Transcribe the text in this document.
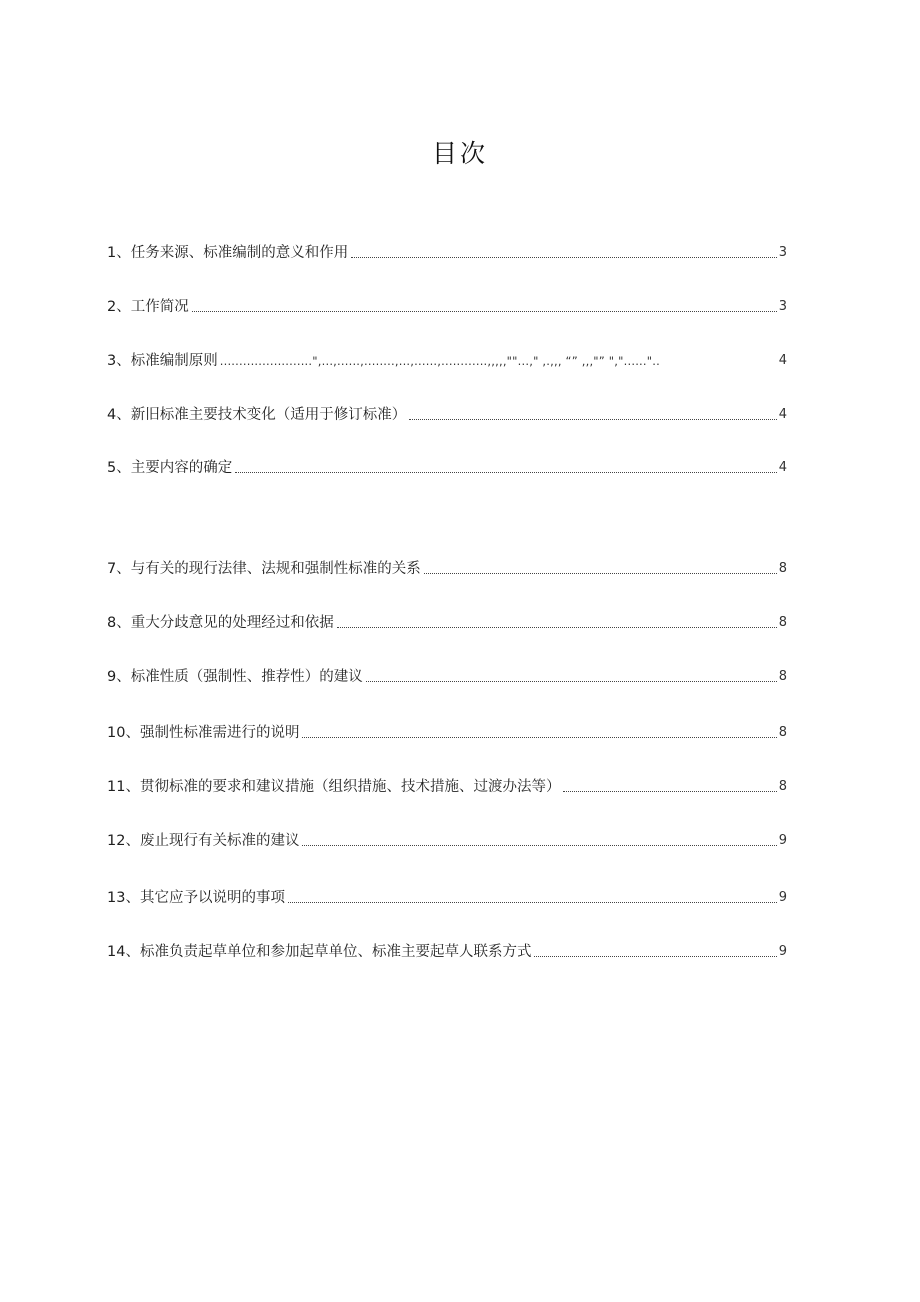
目次
1、任务来源、标准编制的意义和作用	3
2、工作简况	3
3、标准编制原则 ........................",...,......,........,...,......,............,,,,,""...," ,.,,, “” ,,,"” ","......"..	4
4、新旧标准主要技术变化（适用于修订标准）	4
5、主要内容的确定	4
7、与有关的现行法律、法规和强制性标准的关系	8
8、重大分歧意见的处理经过和依据	8
9、标准性质（强制性、推荐性）的建议	8
10、强制性标准需进行的说明	8
11、贯彻标准的要求和建议措施（组织措施、技术措施、过渡办法等）	8
12、废止现行有关标准的建议	9
13、其它应予以说明的事项	9
14、标准负责起草单位和参加起草单位、标准主要起草人联系方式	9
